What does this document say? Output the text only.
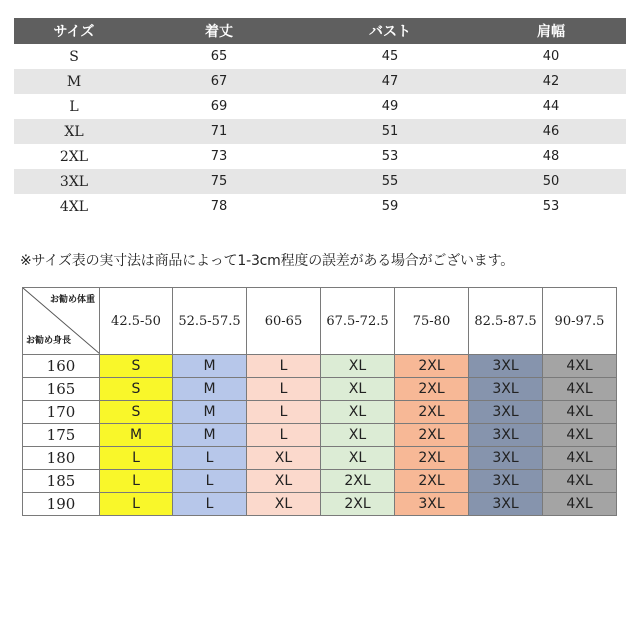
サイズ	着丈	バスト	肩幅
S	65	45	40
M	67	47	42
L	69	49	44
XL	71	51	46
2XL	73	53	48
3XL	75	55	50
4XL	78	59	53
※サイズ表の実寸法は商品によって1-3cm程度の誤差がある場合がございます。
お勧め体重
お勧め身長	42.5-50	52.5-57.5	60-65	67.5-72.5	75-80	82.5-87.5	90-97.5
160	S	M	L	XL	2XL	3XL	4XL
165	S	M	L	XL	2XL	3XL	4XL
170	S	M	L	XL	2XL	3XL	4XL
175	M	M	L	XL	2XL	3XL	4XL
180	L	L	XL	XL	2XL	3XL	4XL
185	L	L	XL	2XL	2XL	3XL	4XL
190	L	L	XL	2XL	3XL	3XL	4XL
